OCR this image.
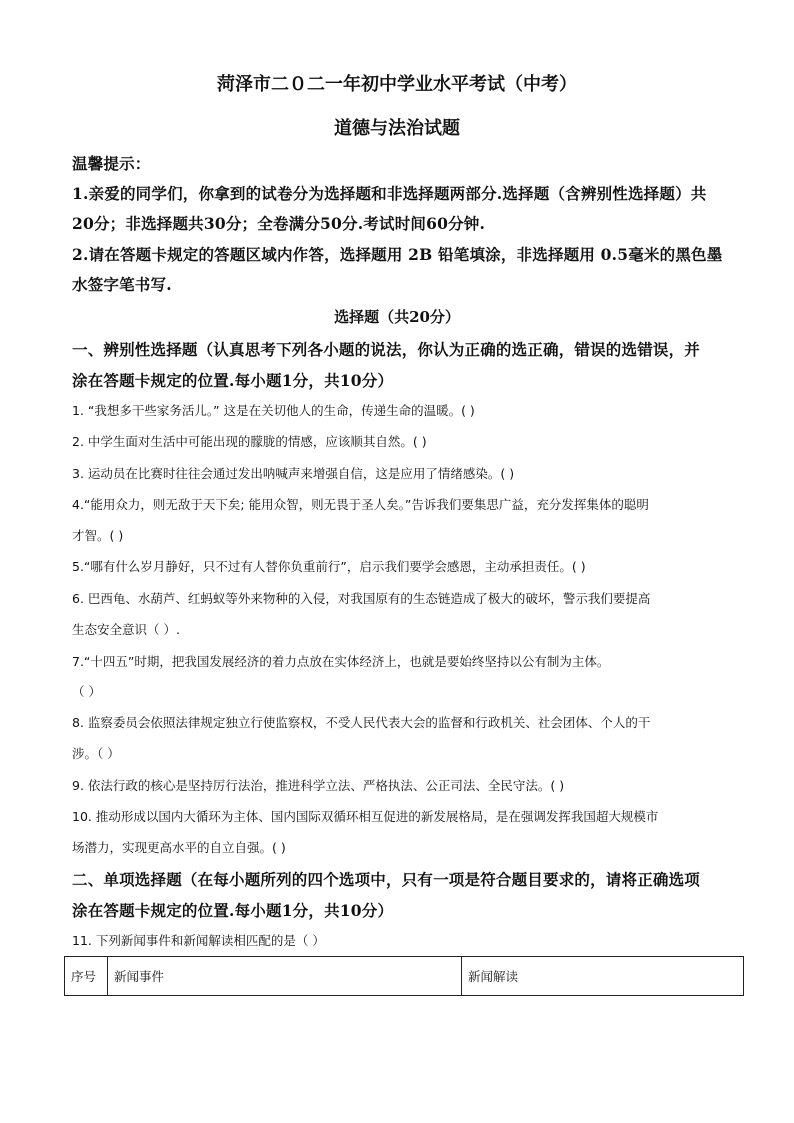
菏泽市二０二一年初中学业水平考试（中考）
道德与法治试题
温馨提示：
1.亲爱的同学们，你拿到的试卷分为选择题和非选择题两部分.选择题（含辨别性选择题）共
20分；非选择题共30分；全卷满分50分.考试时间60分钟.
2.请在答题卡规定的答题区域内作答，选择题用 2B 铅笔填涂，非选择题用 0.5毫米的黑色墨
水签字笔书写.
选择题（共20分）
一、辨别性选择题（认真思考下列各小题的说法，你认为正确的选正确，错误的选错误，并
涂在答题卡规定的位置.每小题1分，共10分）
1. “我想多干些家务活儿。” 这是在关切他人的生命，传递生命的温暖。( )
2. 中学生面对生活中可能出现的朦胧的情感，应该顺其自然。( )
3. 运动员在比赛时往往会通过发出呐喊声来增强自信，这是应用了情绪感染。( )
4.“能用众力，则无敌于天下矣; 能用众智，则无畏于圣人矣。”告诉我们要集思广益，充分发挥集体的聪明
才智。( )
5.“哪有什么岁月静好，只不过有人替你负重前行”，启示我们要学会感恩，主动承担责任。( )
6. 巴西龟、水葫芦、红蚂蚁等外来物种的入侵，对我国原有的生态链造成了极大的破坏，警示我们要提高
生态安全意识（ ）.
7.“十四五”时期，把我国发展经济的着力点放在实体经济上，也就是要始终坚持以公有制为主体。
（ ）
8. 监察委员会依照法律规定独立行使监察权，不受人民代表大会的监督和行政机关、社会团体、个人的干
涉。（ ）
9. 依法行政的核心是坚持厉行法治，推进科学立法、严格执法、公正司法、全民守法。( )
10. 推动形成以国内大循环为主体、国内国际双循环相互促进的新发展格局，是在强调发挥我国超大规模市
场潜力，实现更高水平的自立自强。( )
二、单项选择题（在每小题所列的四个选项中，只有一项是符合题目要求的，请将正确选项
涂在答题卡规定的位置.每小题1分，共10分）
11. 下列新闻事件和新闻解读相匹配的是（ ）
序号	新闻事件	新闻解读
